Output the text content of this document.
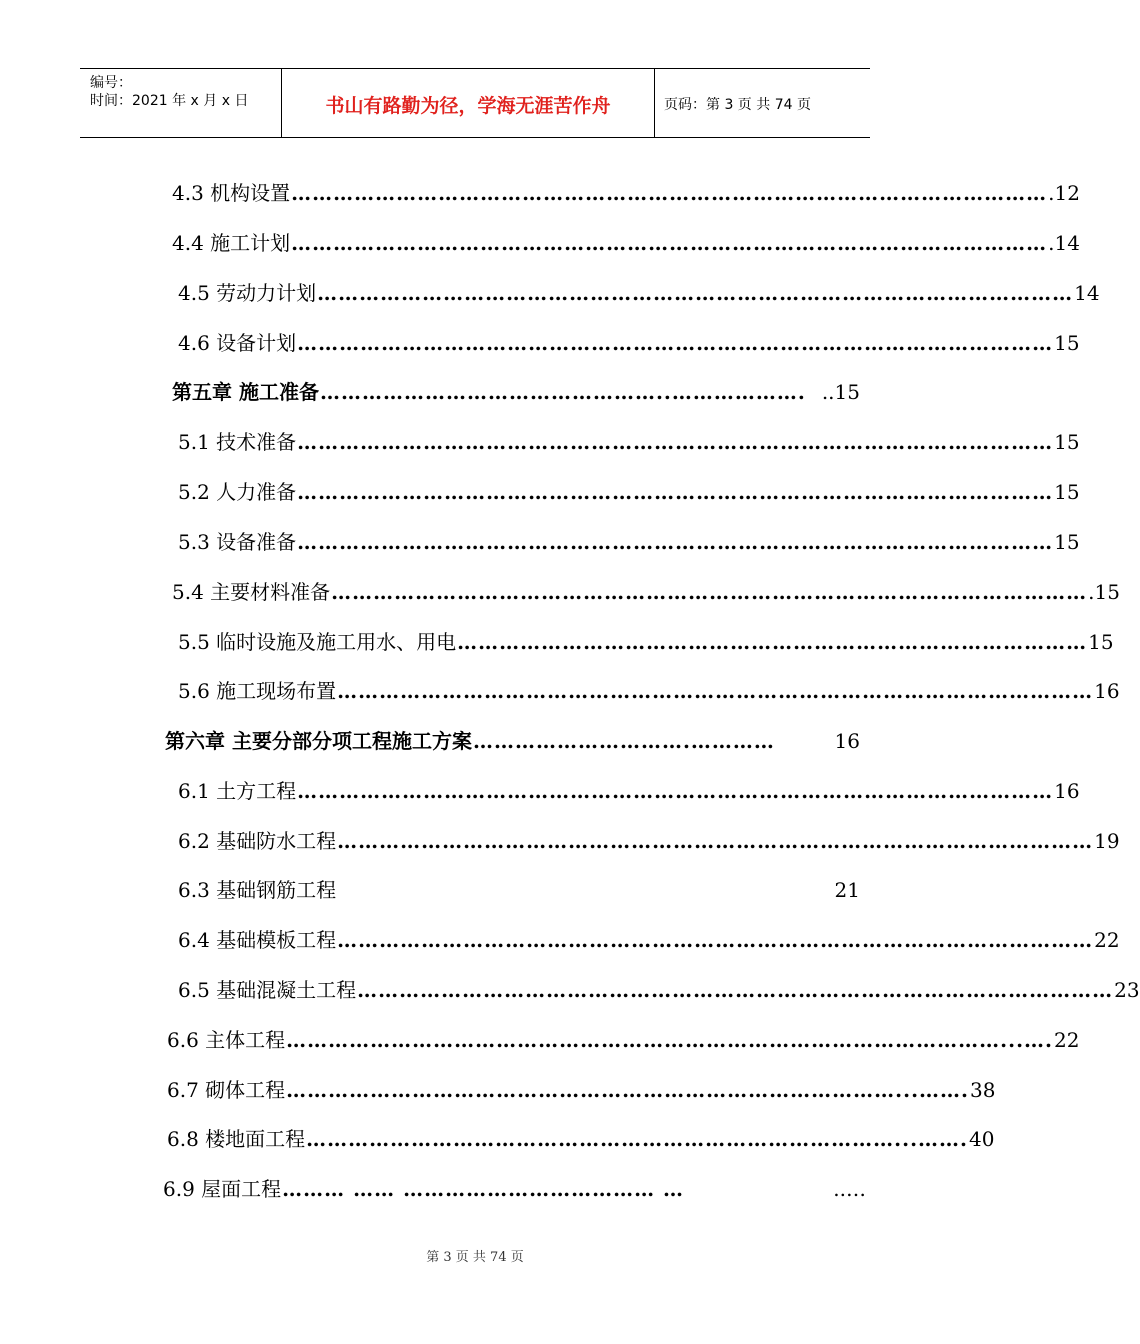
编号：
时间：2021 年 x 月 x 日	书山有路勤为径，学海无涯苦作舟	页码：第 3 页 共 74 页
4.3 机构设置 ……………………………………………………………………………………………… .12
4.4 施工计划 ……………………………………………………………………………………………… .14
4.5 劳动力计划 ……………………………………………………………………………………………… 14
4.6 设备计划 ……………………………………………………………………………………………… 15
第五章 施工准备 …………………………………………..………………. ..15
5.1 技术准备 ……………………………………………………………………………………………… 15
5.2 人力准备 ……………………………………………………………………………………………… 15
5.3 设备准备 ……………………………………………………………………………………………… 15
5.4 主要材料准备 ……………………………………………………………………………………………… .15
5.5 临时设施及施工用水、用电 ……………………………………………………………………………… 15
5.6 施工现场布置 ……………………………………………………………………………………………… 16
第六章 主要分部分项工程施工方案 ………………………….…………	16
6.1 土方工程 ……………………………………………………………………………………………… 16
6.2 基础防水工程 ……………………………………………………………………………………………… 19
6.3 基础钢筋工程	21
6.4 基础模板工程 ……………………………………………………………………………………………… 22
6.5 基础混凝土工程 ……………………………………………………………………………………………… 23
6.6 主体工程 …………………………………………………………………………………………...…. 22
6.7 砌体工程 ……………………………………………………………………………...……. 38
6.8 楼地面工程 …………………………………………………………………………...……. 40
6.9 屋面工程 ……… …… ……………………………… …	..…
第 3 页 共 74 页
